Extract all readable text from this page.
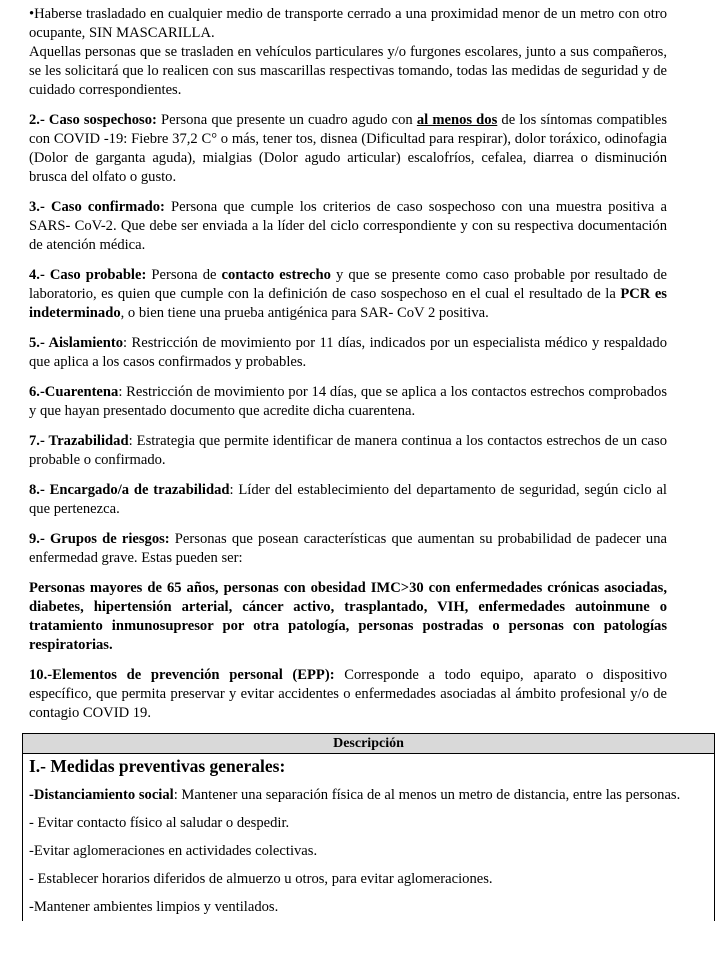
•Haberse trasladado en cualquier medio de transporte cerrado a una proximidad menor de un metro con otro ocupante, SIN MASCARILLA.

Aquellas personas que se trasladen en vehículos particulares y/o furgones escolares, junto a sus compañeros, se les solicitará que lo realicen con sus mascarillas respectivas tomando, todas las medidas de seguridad y de cuidado correspondientes.

2.- Caso sospechoso: Persona que presente un cuadro agudo con al menos dos de los síntomas compatibles con COVID -19: Fiebre 37,2 C° o más, tener tos, disnea (Dificultad para respirar), dolor toráxico, odinofagia (Dolor de garganta aguda), mialgias (Dolor agudo articular) escalofríos, cefalea, diarrea o disminución brusca del olfato o gusto.

3.- Caso confirmado: Persona que cumple los criterios de caso sospechoso con una muestra positiva a SARS- CoV-2. Que debe ser enviada a la líder del ciclo correspondiente y con su respectiva documentación de atención médica.

4.- Caso probable: Persona de contacto estrecho y que se presente como caso probable por resultado de laboratorio, es quien que cumple con la definición de caso sospechoso en el cual el resultado de la PCR es indeterminado, o bien tiene una prueba antigénica para SAR- CoV 2 positiva.

5.- Aislamiento: Restricción de movimiento por 11 días, indicados por un especialista médico y respaldado que aplica a los casos confirmados y probables.

6.-Cuarentena: Restricción de movimiento por 14 días, que se aplica a los contactos estrechos comprobados y que hayan presentado documento que acredite dicha cuarentena.

7.- Trazabilidad: Estrategia que permite identificar de manera continua a los contactos estrechos de un caso probable o confirmado.

8.- Encargado/a de trazabilidad: Líder del establecimiento del departamento de seguridad, según ciclo al que pertenezca.

9.- Grupos de riesgos: Personas que posean características que aumentan su probabilidad de padecer una enfermedad grave. Estas pueden ser:

Personas mayores de 65 años, personas con obesidad IMC>30 con enfermedades crónicas asociadas, diabetes, hipertensión arterial, cáncer activo, trasplantado, VIH, enfermedades autoinmune o tratamiento inmunosupresor por otra patología, personas postradas o personas con patologías respiratorias.

10.-Elementos de prevención personal (EPP): Corresponde a todo equipo, aparato o dispositivo específico, que permita preservar y evitar accidentes o enfermedades asociadas al ámbito profesional y/o de contagio COVID 19.

Descripción
I.- Medidas preventivas generales:
-Distanciamiento social: Mantener una separación física de al menos un metro de distancia, entre las personas.
- Evitar contacto físico al saludar o despedir.
-Evitar aglomeraciones en actividades colectivas.
- Establecer horarios diferidos de almuerzo u otros, para evitar aglomeraciones.
-Mantener ambientes limpios y ventilados.
